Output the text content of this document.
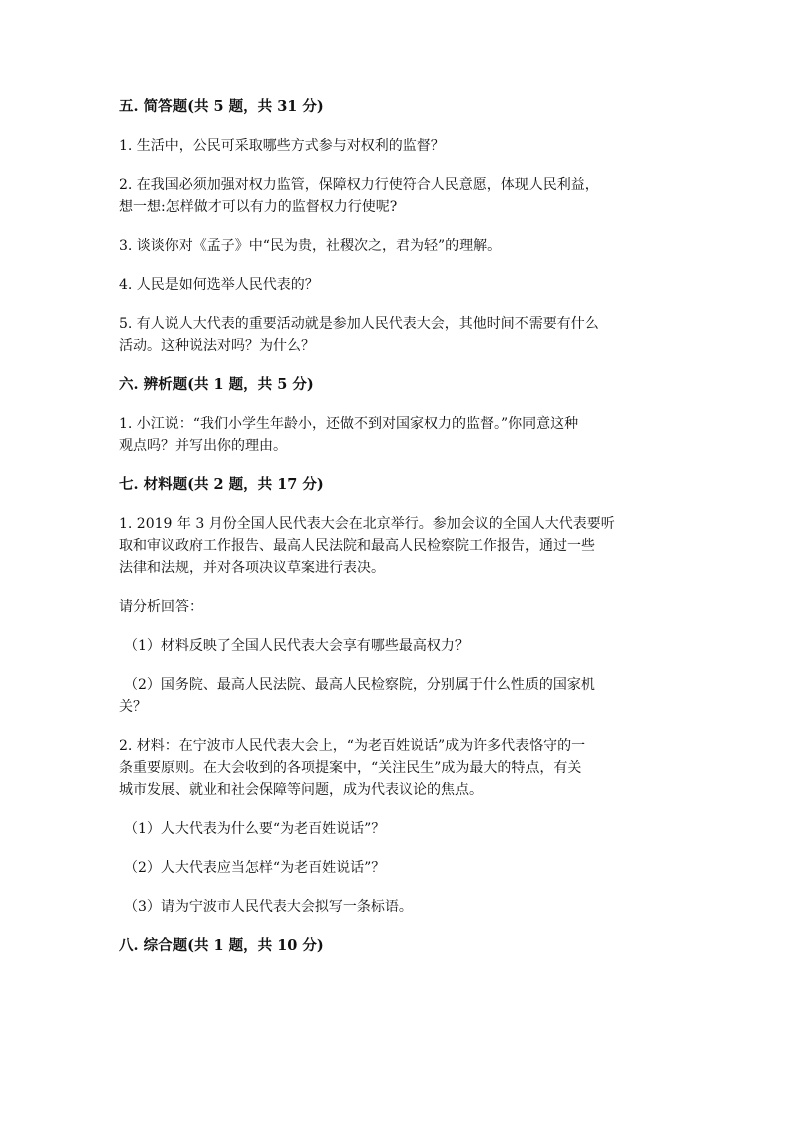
五. 简答题(共 5 题，共 31 分)
1. 生活中，公民可采取哪些方式参与对权利的监督？
2. 在我国必须加强对权力监管，保障权力行使符合人民意愿，体现人民利益，
想一想:怎样做才可以有力的监督权力行使呢?
3. 谈谈你对《孟子》中“民为贵，社稷次之，君为轻”的理解。
4. 人民是如何选举人民代表的？
5. 有人说人大代表的重要活动就是参加人民代表大会，其他时间不需要有什么
活动。这种说法对吗？为什么？
六. 辨析题(共 1 题，共 5 分)
1. 小江说：“我们小学生年龄小，还做不到对国家权力的监督。”你同意这种
观点吗？并写出你的理由。
七. 材料题(共 2 题，共 17 分)
1. 2019 年 3 月份全国人民代表大会在北京举行。参加会议的全国人大代表要听
取和审议政府工作报告、最高人民法院和最高人民检察院工作报告，通过一些
法律和法规，并对各项决议草案进行表决。
请分析回答：
（1）材料反映了全国人民代表大会享有哪些最高权力？
（2）国务院、最高人民法院、最高人民检察院，分别属于什么性质的国家机
关？
2. 材料：在宁波市人民代表大会上，“为老百姓说话”成为许多代表恪守的一
条重要原则。在大会收到的各项提案中，“关注民生”成为最大的特点，有关
城市发展、就业和社会保障等问题，成为代表议论的焦点。
（1）人大代表为什么要“为老百姓说话”？
（2）人大代表应当怎样“为老百姓说话”？
（3）请为宁波市人民代表大会拟写一条标语。
八. 综合题(共 1 题，共 10 分)
